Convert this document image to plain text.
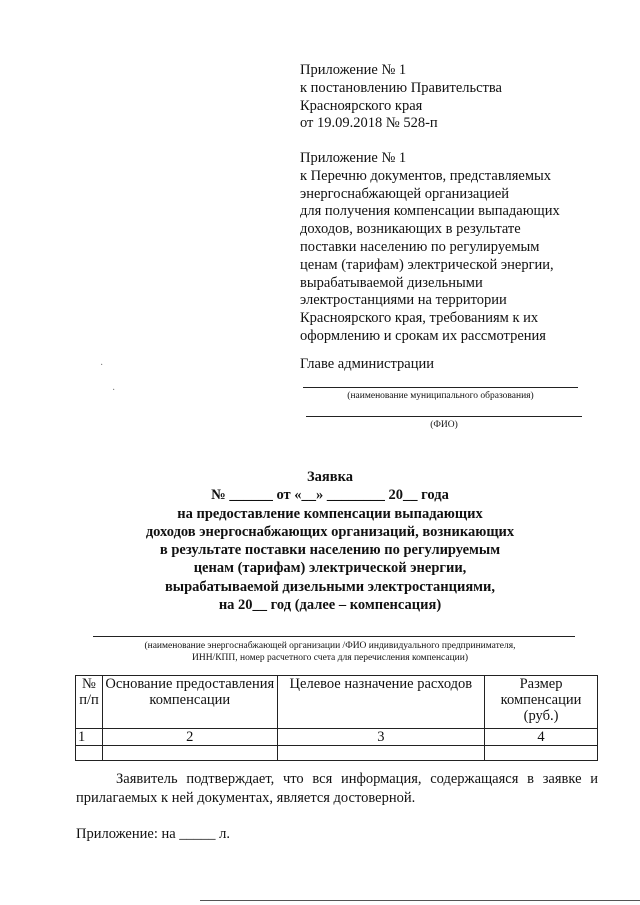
Приложение № 1
к постановлению Правительства
Красноярского края
от 19.09.2018 № 528-п
Приложение № 1
к Перечню документов, представляемых
энергоснабжающей организацией
для получения компенсации выпадающих
доходов, возникающих в результате
поставки населению по регулируемым
ценам (тарифам) электрической энергии,
вырабатываемой дизельными
электростанциями на территории
Красноярского края, требованиям к их
оформлению и срокам их рассмотрения
Главе администрации
(наименование муниципального образования)
(ФИО)
·
·
Заявка
№ ______ от «__» ________ 20__ года
на предоставление компенсации выпадающих
доходов энергоснабжающих организаций, возникающих
в результате поставки населению по регулируемым
ценам (тарифам) электрической энергии,
вырабатываемой дизельными электростанциями,
на 20__ год (далее – компенсация)
(наименование энергоснабжающей организации /ФИО индивидуального предпринимателя,
ИНН/КПП, номер расчетного счета для перечисления компенсации)
№ п/п	Основание предоставления компенсации	Целевое назначение расходов	Размер компенсации (руб.)
1	2	3	4

Заявитель подтверждает, что вся информация, содержащаяся в заявке и прилагаемых к ней документах, является достоверной.
Приложение: на _____ л.
